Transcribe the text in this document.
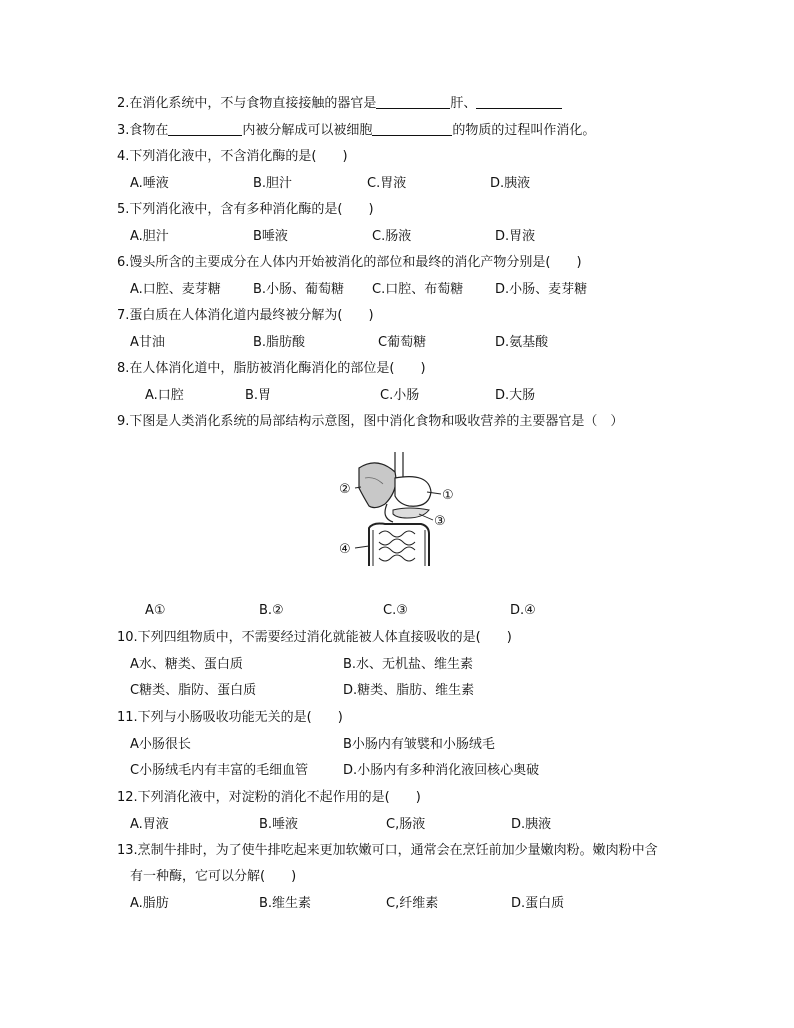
2.在消化系统中，不与食物直接接触的器官是	肝、
3.食物在	内被分解成可以被细胞	的物质的过程叫作消化。
4.下列消化液中，不含消化酶的是(　　)
A.唾液	B.胆汁	C.胃液	D.胰液
5.下列消化液中，含有多种消化酶的是(　　)
A.胆汁	B唾液	C.肠液	D.胃液
6.馒头所含的主要成分在人体内开始被消化的部位和最终的消化产物分别是(　　)
A.口腔、麦芽糖 B.小肠、葡萄糖 C.口腔、布萄糖 D.小肠、麦芽糖
7.蛋白质在人体消化道内最终被分解为(　　)
A甘油	B.脂肪酸	C葡萄糖	D.氨基酸
8.在人体消化道中，脂肪被消化酶消化的部位是(　　)
A.口腔	B.胃	C.小肠	D.大肠
9.下图是人类消化系统的局部结构示意图，图中消化食物和吸收营养的主要器官是（　）
①
②
③
④
A①	B.②	C.③	D.④
10.下列四组物质中，不需要经过消化就能被人体直接吸收的是(　　)
A水、糖类、蛋白质	B.水、无机盐、维生素
C糖类、脂防、蛋白质	D.糖类、脂肪、维生素
11.下列与小肠吸收功能无关的是(　　)
A小肠很长	B小肠内有皱襞和小肠绒毛
C小肠绒毛内有丰富的毛细血管	D.小肠内有多种消化液回核心奥破
12.下列消化液中，对淀粉的消化不起作用的是(　　)
A.胃液	B.唾液	C,肠液	D.胰液
13.烹制牛排时，为了使牛排吃起来更加软嫩可口，通常会在烹饪前加少量嫩肉粉。嫩肉粉中含
有一种酶，它可以分解(　　)
A.脂肪	B.维生素	C,纤维素	D.蛋白质
